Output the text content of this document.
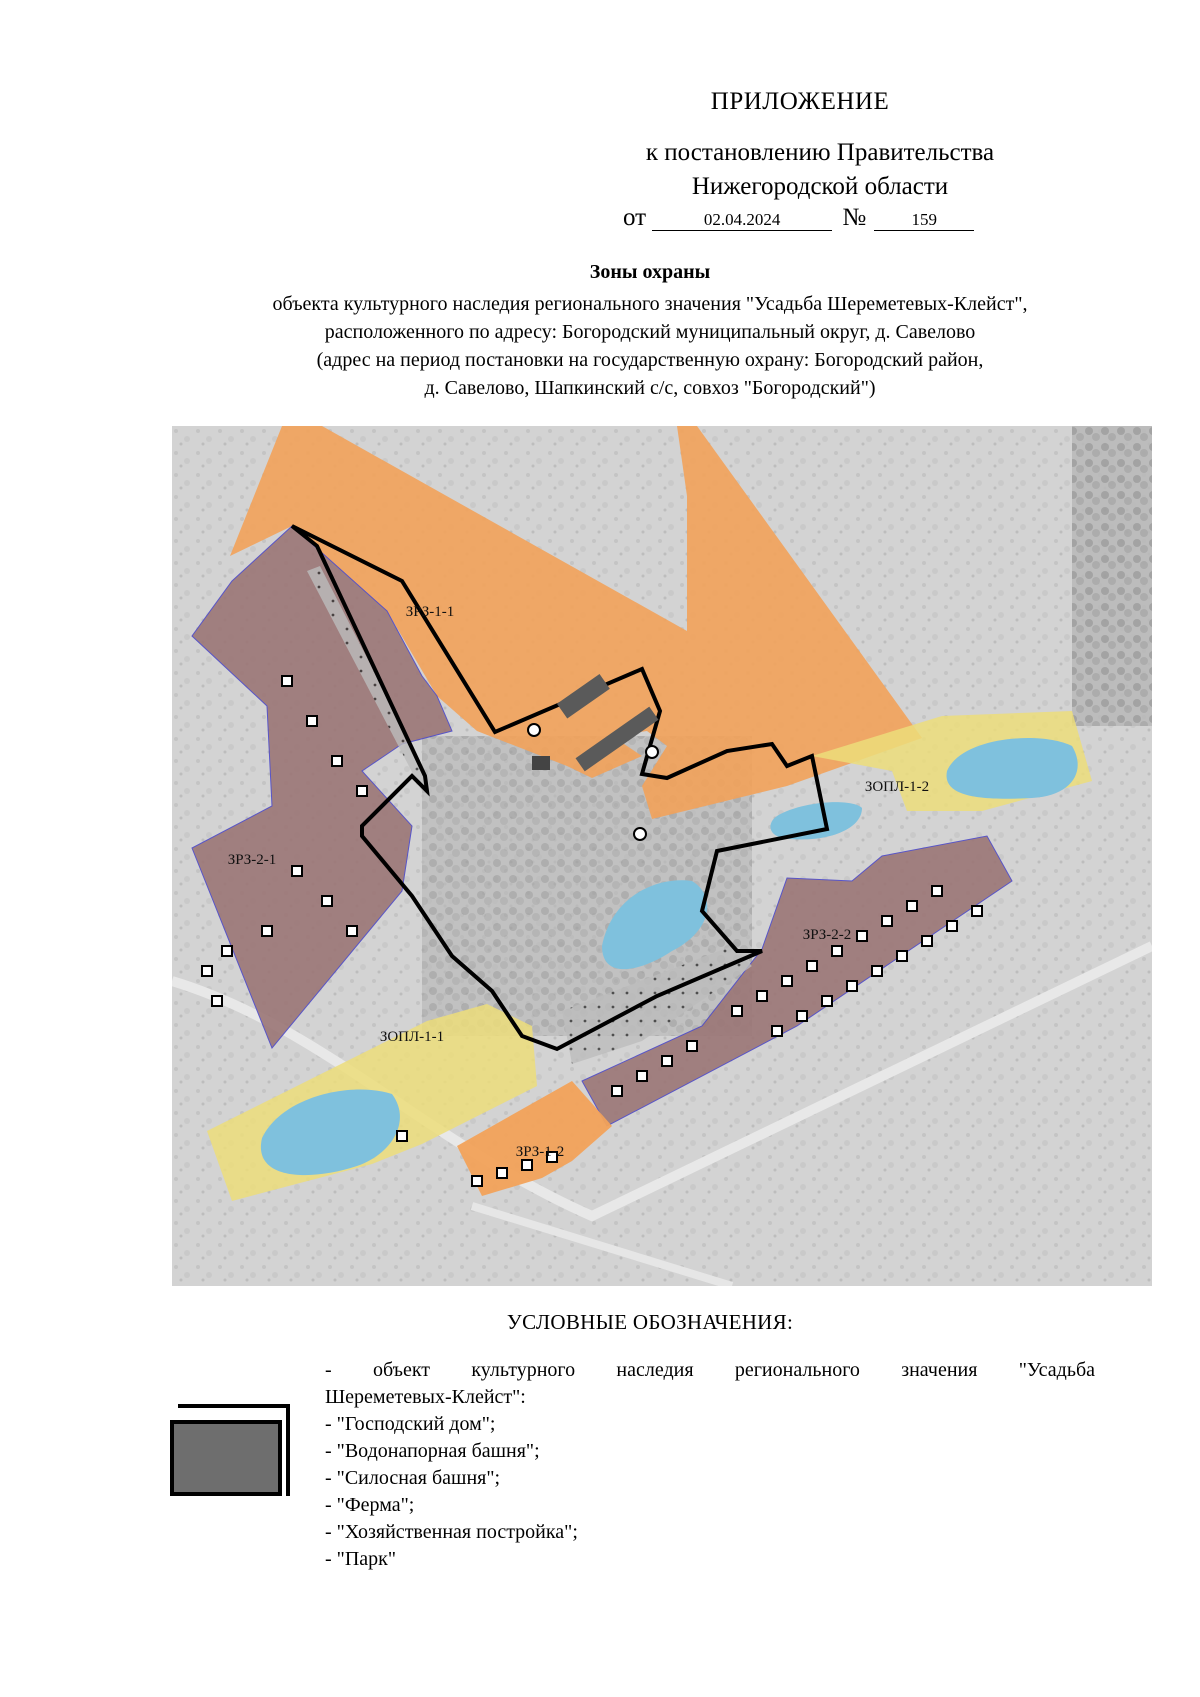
ПРИЛОЖЕНИЕ
к постановлению Правительства
Нижегородской области
от	02.04.2024 №	159
Зоны охраны
объекта культурного наследия регионального значения "Усадьба Шереметевых-Клейст",
расположенного по адресу: Богородский муниципальный округ, д. Савелово
(адрес на период постановки на государственную охрану: Богородский район,
д. Савелово, Шапкинский с/с, совхоз "Богородский")
ЗРЗ-1-1
ЗРЗ-2-1
ЗОПЛ-1-1
ЗРЗ-1-2
ЗРЗ-2-2
ЗОПЛ-1-2
УСЛОВНЫЕ ОБОЗНАЧЕНИЯ:
- объект культурного наследия регионального значения "Усадьба
Шереметевых-Клейст":
- "Господский дом";
- "Водонапорная башня";
- "Силосная башня";
- "Ферма";
- "Хозяйственная постройка";
- "Парк"
